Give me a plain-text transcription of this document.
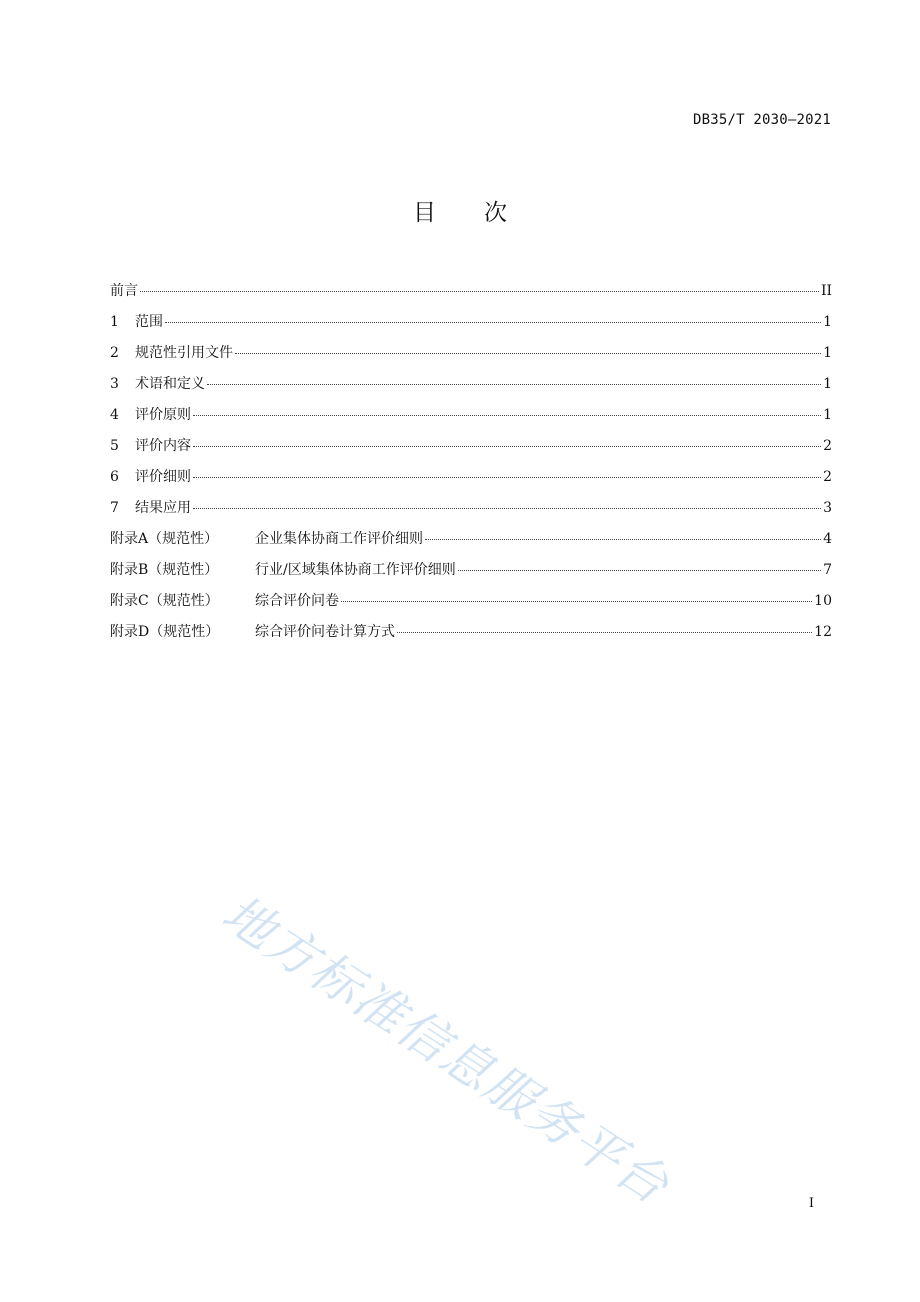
DB35/T 2030—2021
目次
前言	II
1	范围	1
2	规范性引用文件	1
3	术语和定义	1
4	评价原则	1
5	评价内容	2
6	评价细则	2
7	结果应用	3
附录A（规范性）	企业集体协商工作评价细则	4
附录B（规范性）	行业/区域集体协商工作评价细则	7
附录C（规范性）	综合评价问卷	10
附录D（规范性）	综合评价问卷计算方式	12
地方标准信息服务平台	I
